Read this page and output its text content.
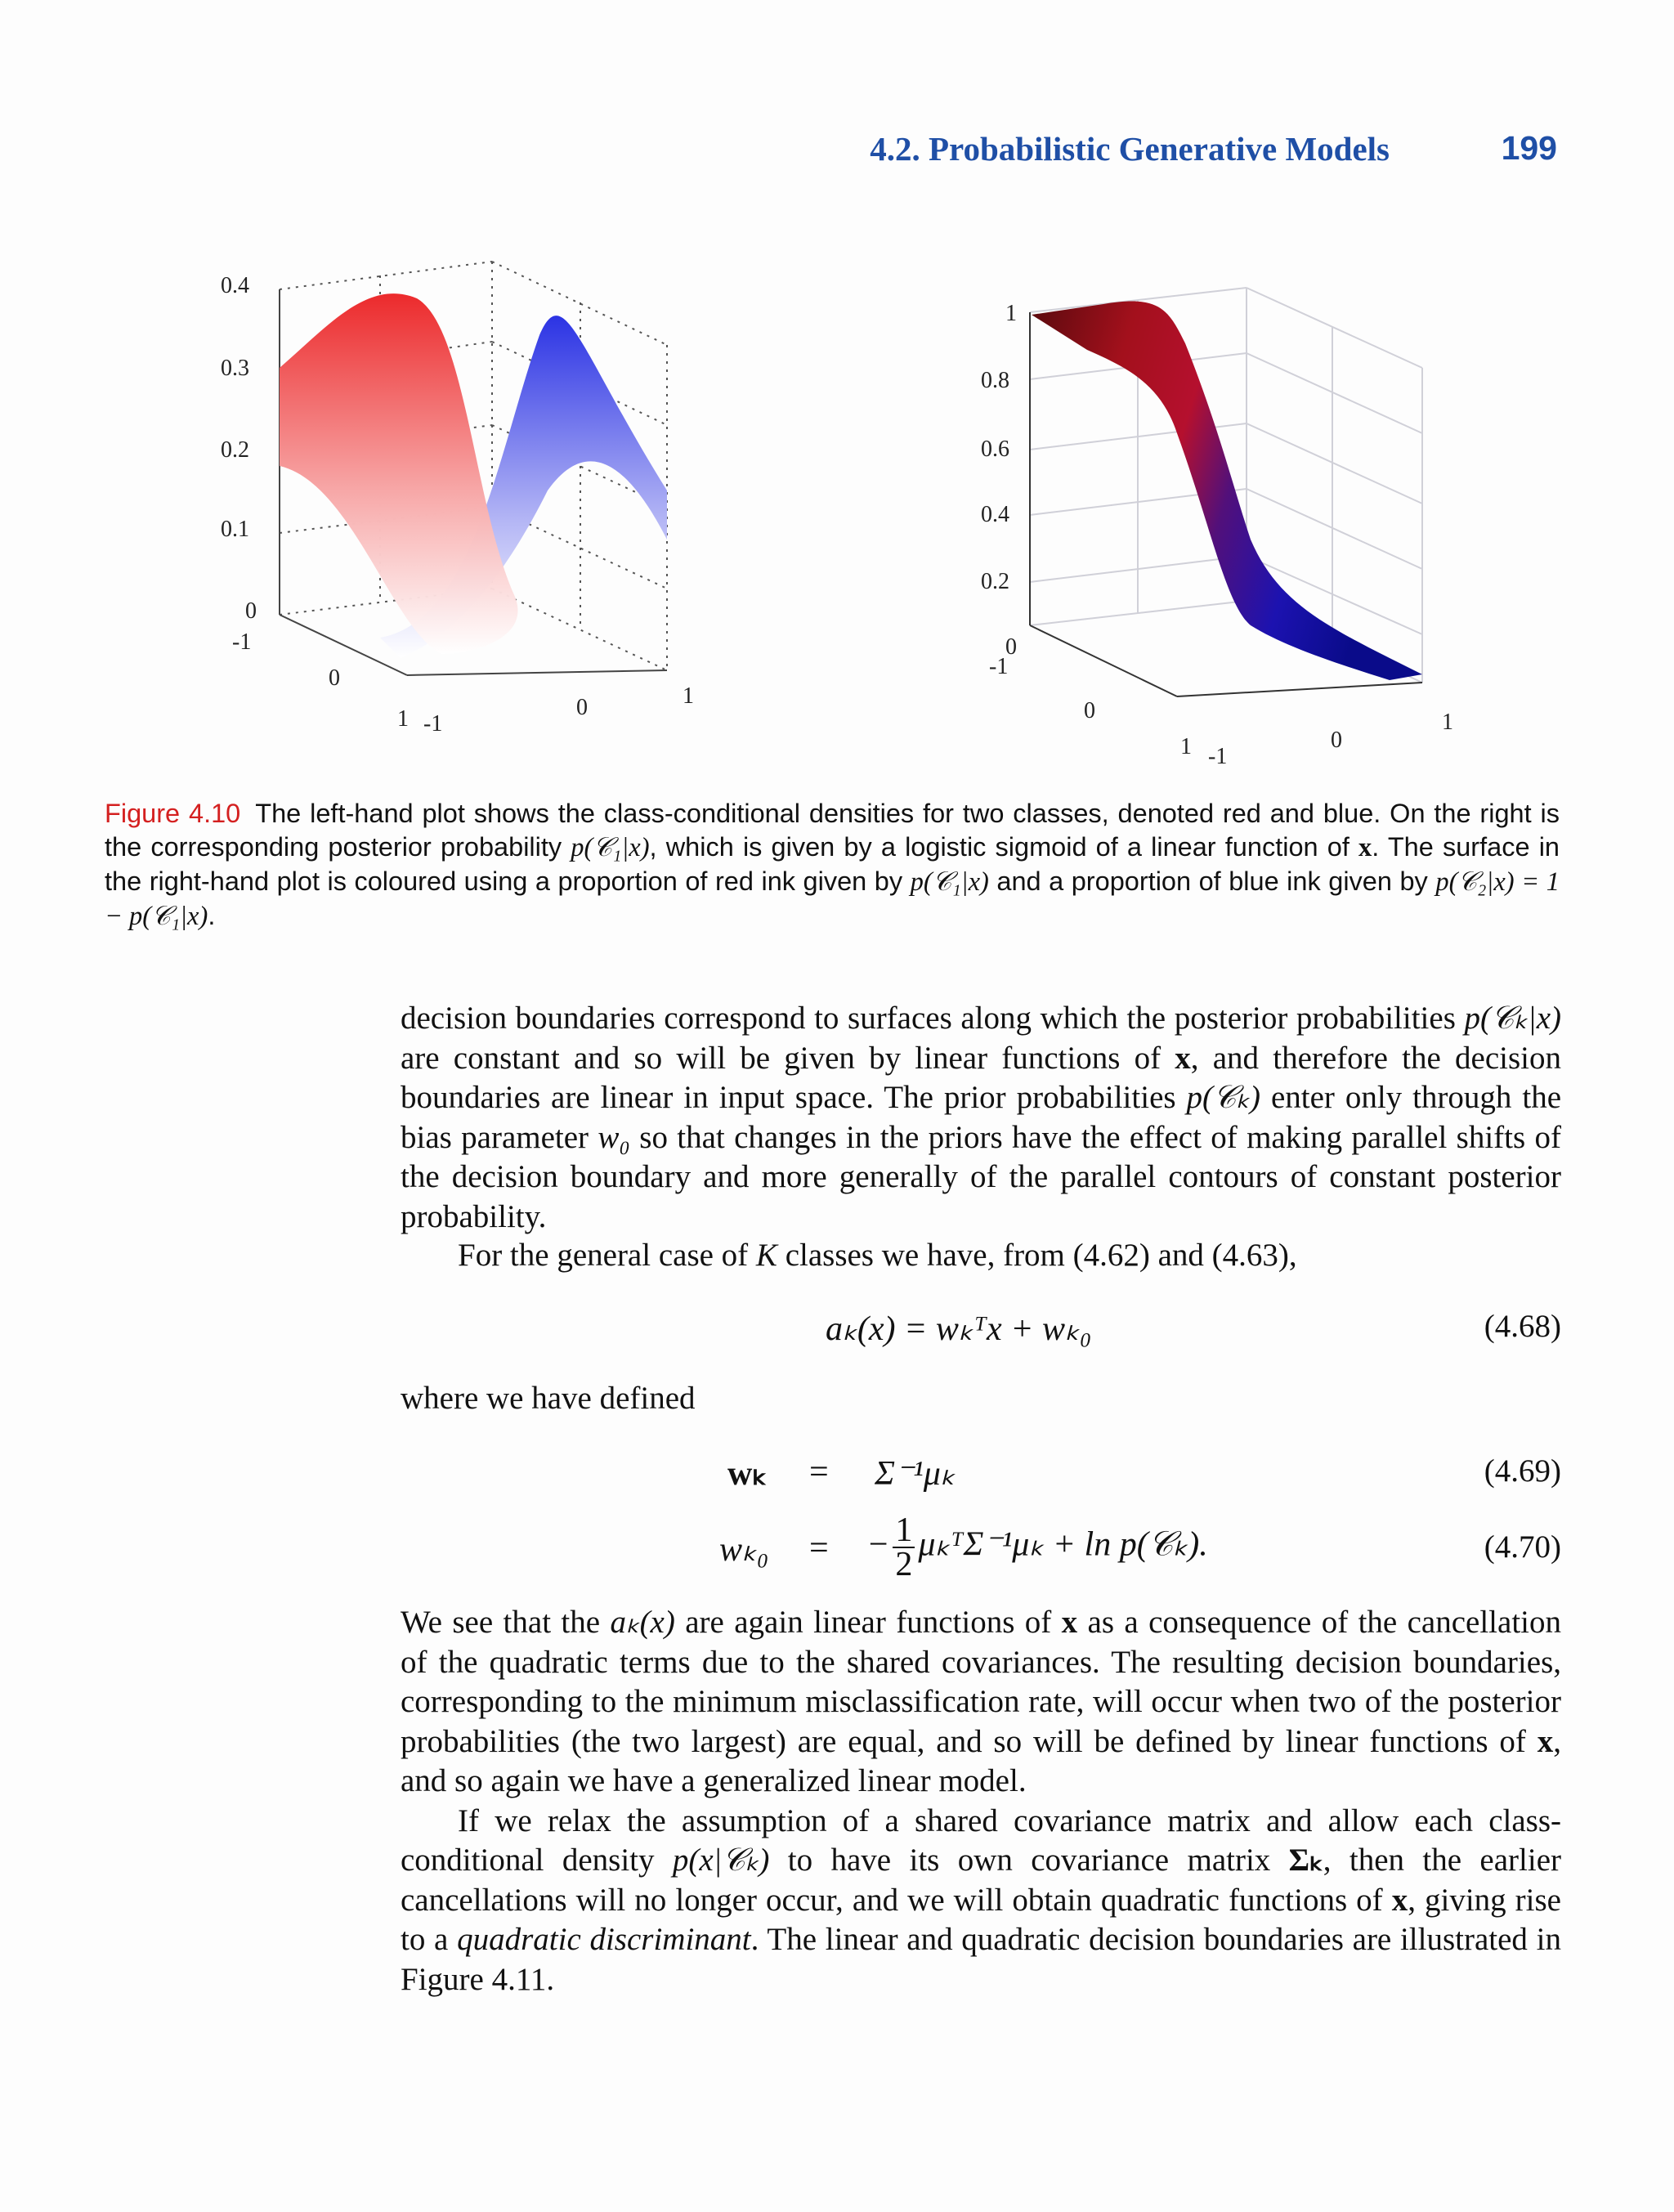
4.2. Probabilistic Generative Models	199
0.4
0.3
0.2
0.1
0
-1
0
1 -1
0	1
1
0.8
0.6
0.4
0.2
0
-1
0
1 -1
0
1
Figure 4.10 The left-hand plot shows the class-conditional densities for two classes, denoted red and blue. On the right is the corresponding posterior probability p(𝒞₁|x), which is given by a logistic sigmoid of a linear function of x. The surface in the right-hand plot is coloured using a proportion of red ink given by p(𝒞₁|x) and a proportion of blue ink given by p(𝒞₂|x) = 1 − p(𝒞₁|x).
decision boundaries correspond to surfaces along which the posterior probabilities p(𝒞ₖ|x) are constant and so will be given by linear functions of x, and therefore the decision boundaries are linear in input space. The prior probabilities p(𝒞ₖ) enter only through the bias parameter w₀ so that changes in the priors have the effect of making parallel shifts of the decision boundary and more generally of the parallel contours of constant posterior probability.
For the general case of K classes we have, from (4.62) and (4.63),
aₖ(x) = wₖᵀx + wₖ₀	(4.68)
where we have defined
wₖ = Σ⁻¹μₖ	(4.69)
wₖ₀ = − $\frac{1}{2}$ μₖᵀΣ⁻¹μₖ + ln p(𝒞ₖ).	(4.70)
We see that the aₖ(x) are again linear functions of x as a consequence of the cancellation of the quadratic terms due to the shared covariances. The resulting decision boundaries, corresponding to the minimum misclassification rate, will occur when two of the posterior probabilities (the two largest) are equal, and so will be defined by linear functions of x, and so again we have a generalized linear model.
If we relax the assumption of a shared covariance matrix and allow each class-conditional density p(x|𝒞ₖ) to have its own covariance matrix Σₖ, then the earlier cancellations will no longer occur, and we will obtain quadratic functions of x, giving rise to a quadratic discriminant. The linear and quadratic decision boundaries are illustrated in Figure 4.11.
